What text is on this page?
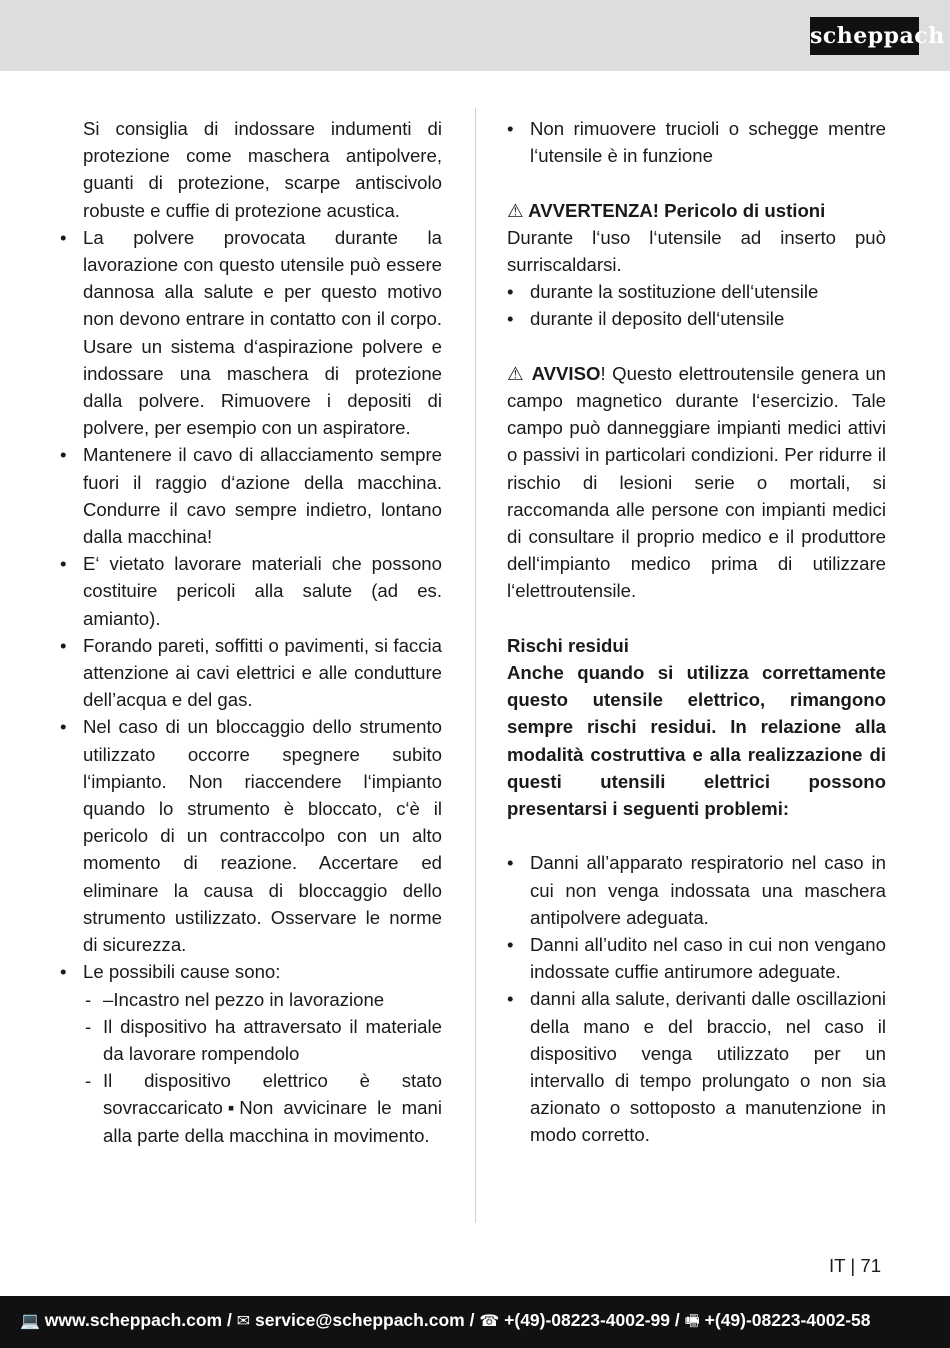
scheppach

Si consiglia di indossare indumenti di protezione come maschera antipolvere, guanti di protezione, scarpe antiscivolo robuste e cuffie di protezione acustica.

• La polvere provocata durante la lavorazione con questo utensile può essere dannosa alla salute e per questo motivo non devono entrare in contatto con il corpo. Usare un sistema d‘aspirazione polvere e indossare una maschera di protezione dalla polvere. Rimuovere i depositi di polvere, per esempio con un aspiratore.
• Mantenere il cavo di allacciamento sempre fuori il raggio d‘azione della macchina. Condurre il cavo sempre indietro, lontano dalla macchina!
• E‘ vietato lavorare materiali che possono costituire pericoli alla salute (ad es. amianto).
• Forando pareti, soffitti o pavimenti, si faccia attenzione ai cavi elettrici e alle condutture dell’acqua e del gas.
• Nel caso di un bloccaggio dello strumento utilizzato occorre spegnere subito l‘impianto. Non riaccendere l‘impianto quando lo strumento è bloccato, c‘è il pericolo di un contraccolpo con un alto momento di reazione. Accertare ed eliminare la causa di bloccaggio dello strumento ustilizzato. Osservare le norme di sicurezza.
• Le possibili cause sono:
- –Incastro nel pezzo in lavorazione
- Il dispositivo ha attraversato il materiale da lavorare rompendolo
- Il dispositivo elettrico è stato sovraccaricato▪Non avvicinare le mani alla parte della macchina in movimento.
• Non rimuovere trucioli o schegge mentre l‘utensile è in funzione

⚠ AVVERTENZA! Pericolo di ustioni

Durante l‘uso l‘utensile ad inserto può surriscaldarsi.

• durante la sostituzione dell‘utensile
• durante il deposito dell‘utensile

⚠ AVVISO! Questo elettroutensile genera un campo magnetico durante l‘esercizio. Tale campo può danneggiare impianti medici attivi o passivi in particolari condizioni. Per ridurre il rischio di lesioni serie o mortali, si raccomanda alle persone con impianti medici di consultare il proprio medico e il produttore dell‘impianto medico prima di utilizzare l‘elettroutensile.

Rischi residui

Anche quando si utilizza correttamente questo utensile elettrico, rimangono sempre rischi residui. In relazione alla modalità costruttiva e alla realizzazione di questi utensili elettrici possono presentarsi i seguenti problemi:

• Danni all’apparato respiratorio nel caso in cui non venga indossata una maschera antipolvere adeguata.
• Danni all’udito nel caso in cui non vengano indossate cuffie antirumore adeguate.
• danni alla salute, derivanti dalle oscillazioni della mano e del braccio, nel caso il dispositivo venga utilizzato per un intervallo di tempo prolungato o non sia azionato o sottoposto a manutenzione in modo corretto.
IT | 71
💻 www.scheppach.com / ✉ service@scheppach.com / ☎ +(49)-08223-4002-99 / 🖷 +(49)-08223-4002-58
